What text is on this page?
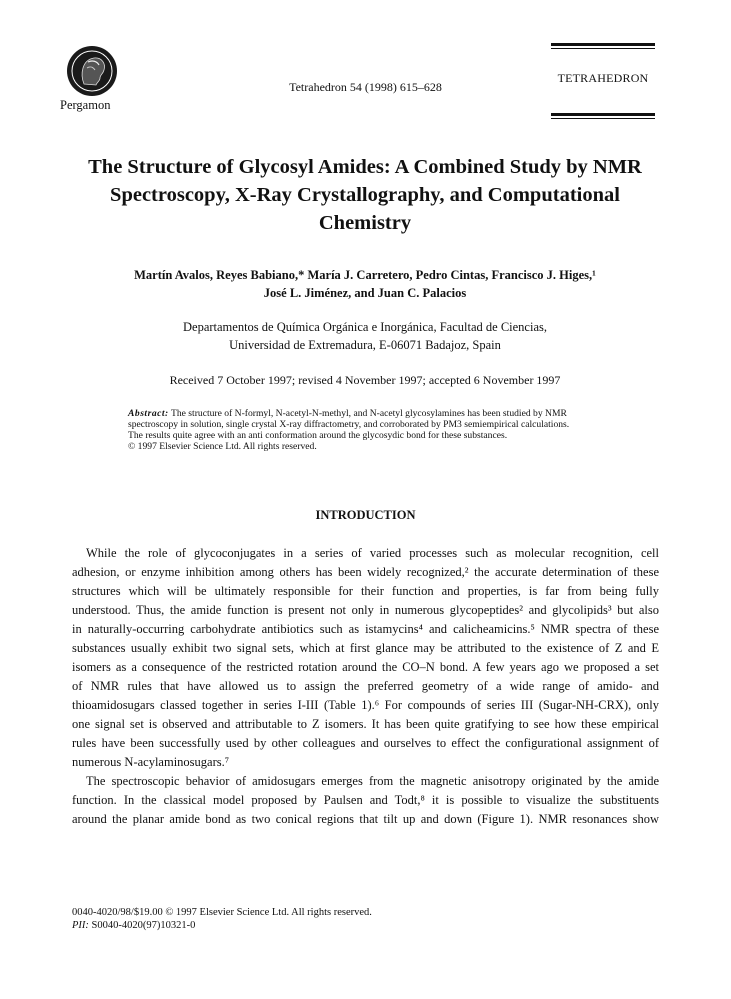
Pergamon
Tetrahedron 54 (1998) 615–628
TETRAHEDRON
The Structure of Glycosyl Amides: A Combined Study by NMR Spectroscopy, X-Ray Crystallography, and Computational Chemistry
Martín Avalos, Reyes Babiano,* María J. Carretero, Pedro Cintas, Francisco J. Higes,¹
José L. Jiménez, and Juan C. Palacios
Departamentos de Química Orgánica e Inorgánica, Facultad de Ciencias,
Universidad de Extremadura, E-06071 Badajoz, Spain
Received 7 October 1997; revised 4 November 1997; accepted 6 November 1997
Abstract: The structure of N-formyl, N-acetyl-N-methyl, and N-acetyl glycosylamines has been studied by NMR
spectroscopy in solution, single crystal X-ray diffractometry, and corroborated by PM3 semiempirical calculations.
The results quite agree with an anti conformation around the glycosydic bond for these substances.
© 1997 Elsevier Science Ltd. All rights reserved.
INTRODUCTION
While the role of glycoconjugates in a series of varied processes such as molecular recognition, cell
adhesion, or enzyme inhibition among others has been widely recognized,² the accurate determination of these
structures which will be ultimately responsible for their function and properties, is far from being fully
understood. Thus, the amide function is present not only in numerous glycopeptides² and glycolipids³ but also
in naturally-occurring carbohydrate antibiotics such as istamycins⁴ and calicheamicins.⁵ NMR spectra of these
substances usually exhibit two signal sets, which at first glance may be attributed to the existence of Z and E
isomers as a consequence of the restricted rotation around the CO–N bond. A few years ago we proposed a set
of NMR rules that have allowed us to assign the preferred geometry of a wide range of amido- and
thioamidosugars classed together in series I-III (Table 1).⁶ For compounds of series III (Sugar-NH-CRX), only
one signal set is observed and attributable to Z isomers. It has been quite gratifying to see how these empirical
rules have been successfully used by other colleagues and ourselves to effect the configurational assignment of
numerous N-acylaminosugars.⁷
The spectroscopic behavior of amidosugars emerges from the magnetic anisotropy originated by the amide
function. In the classical model proposed by Paulsen and Todt,⁸ it is possible to visualize the substituents
around the planar amide bond as two conical regions that tilt up and down (Figure 1). NMR resonances show
0040-4020/98/$19.00 © 1997 Elsevier Science Ltd. All rights reserved.
PII: S0040-4020(97)10321-0
